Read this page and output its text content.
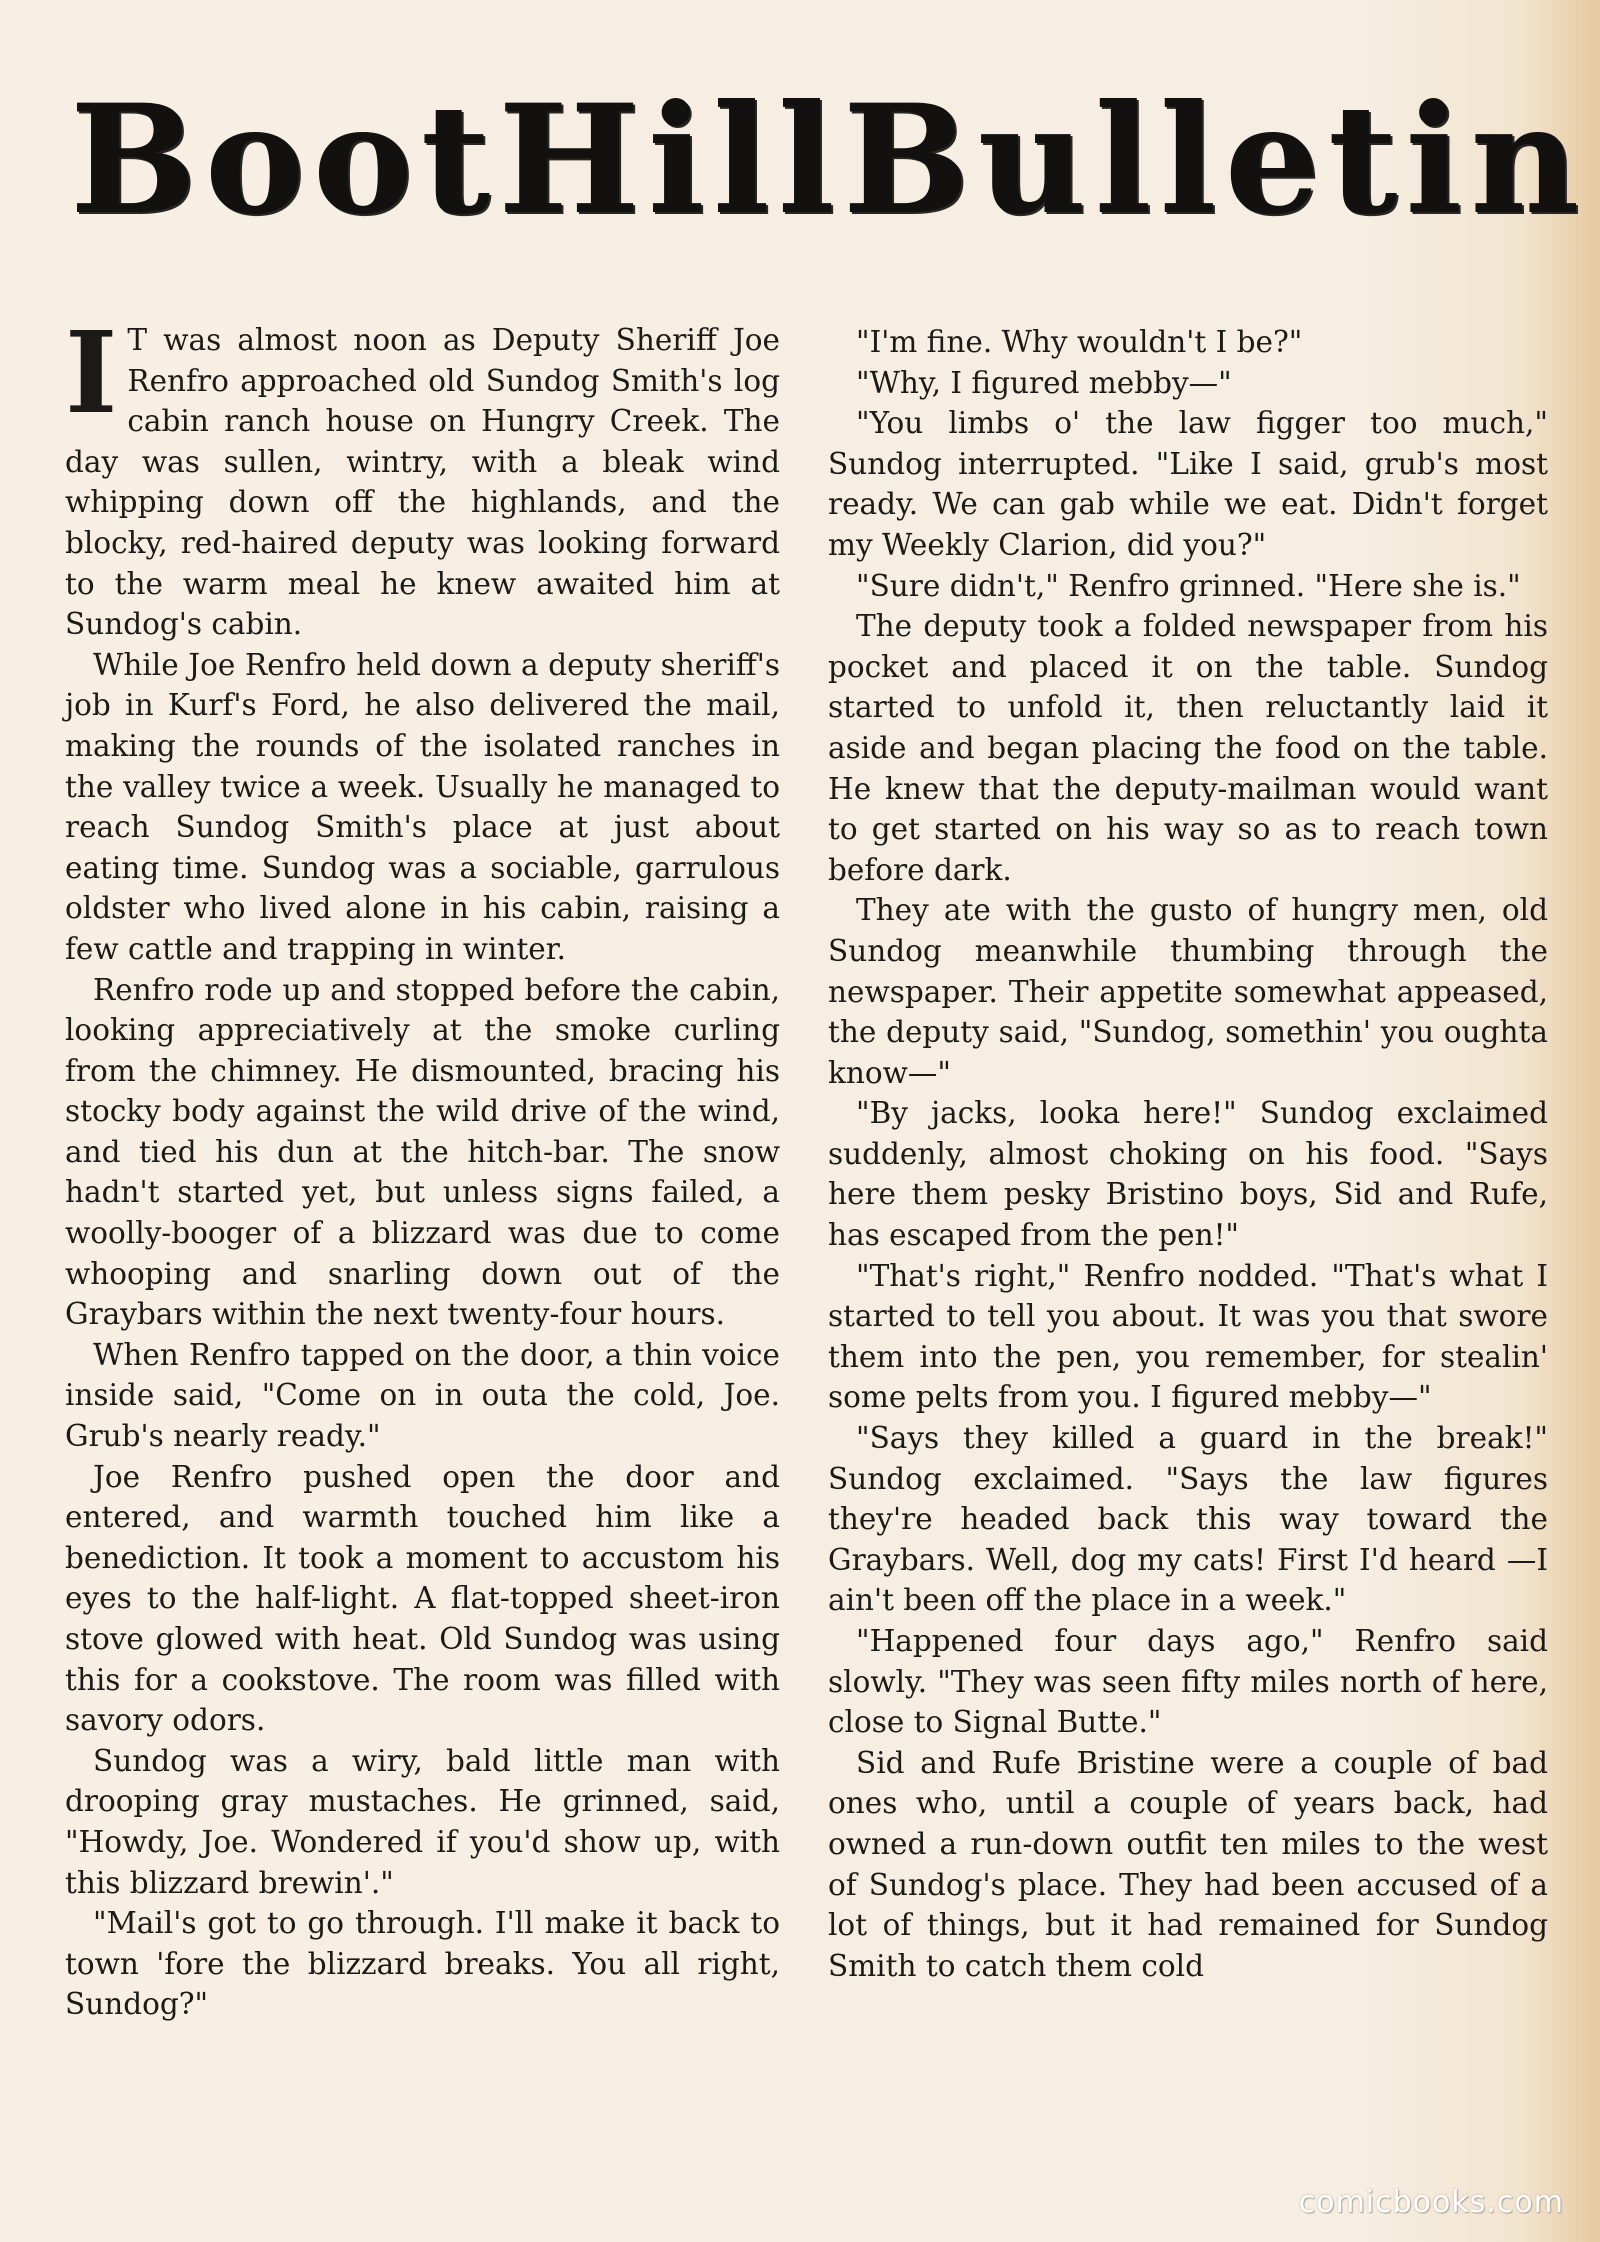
Boot Hill Bulletin

I T was almost noon as Deputy Sheriff Joe Renfro approached old Sundog Smith's log cabin ranch house on Hungry Creek. The day was sullen, wintry, with a bleak wind whipping down off the highlands, and the blocky, red-haired deputy was looking forward to the warm meal he knew awaited him at Sundog's cabin.

While Joe Renfro held down a deputy sheriff's job in Kurf's Ford, he also delivered the mail, making the rounds of the isolated ranches in the valley twice a week. Usually he managed to reach Sundog Smith's place at just about eating time. Sundog was a sociable, garrulous oldster who lived alone in his cabin, raising a few cattle and trapping in winter.

Renfro rode up and stopped before the cabin, looking appreciatively at the smoke curling from the chimney. He dismounted, bracing his stocky body against the wild drive of the wind, and tied his dun at the hitch-bar. The snow hadn't started yet, but unless signs failed, a woolly-booger of a blizzard was due to come whooping and snarling down out of the Graybars within the next twenty-four hours.

When Renfro tapped on the door, a thin voice inside said, "Come on in outa the cold, Joe. Grub's nearly ready."

Joe Renfro pushed open the door and entered, and warmth touched him like a benediction. It took a moment to accustom his eyes to the half-light. A flat-topped sheet-iron stove glowed with heat. Old Sundog was using this for a cookstove. The room was filled with savory odors.

Sundog was a wiry, bald little man with drooping gray mustaches. He grinned, said, "Howdy, Joe. Wondered if you'd show up, with this blizzard brewin'."

"Mail's got to go through. I'll make it back to town 'fore the blizzard breaks. You all right, Sundog?"

"I'm fine. Why wouldn't I be?"

"Why, I figured mebby—"

"You limbs o' the law figger too much," Sundog interrupted. "Like I said, grub's most ready. We can gab while we eat. Didn't forget my Weekly Clarion, did you?"

"Sure didn't," Renfro grinned. "Here she is."

The deputy took a folded newspaper from his pocket and placed it on the table. Sundog started to unfold it, then reluctantly laid it aside and began placing the food on the table. He knew that the deputy-mailman would want to get started on his way so as to reach town before dark.

They ate with the gusto of hungry men, old Sundog meanwhile thumbing through the newspaper. Their appetite somewhat appeased, the deputy said, "Sundog, somethin' you oughta know—"

"By jacks, looka here!" Sundog exclaimed suddenly, almost choking on his food. "Says here them pesky Bristino boys, Sid and Rufe, has escaped from the pen!"

"That's right," Renfro nodded. "That's what I started to tell you about. It was you that swore them into the pen, you remember, for stealin' some pelts from you. I figured mebby—"

"Says they killed a guard in the break!" Sundog exclaimed. "Says the law figures they're headed back this way toward the Graybars. Well, dog my cats! First I'd heard —I ain't been off the place in a week."

"Happened four days ago," Renfro said slowly. "They was seen fifty miles north of here, close to Signal Butte."

Sid and Rufe Bristine were a couple of bad ones who, until a couple of years back, had owned a run-down outfit ten miles to the west of Sundog's place. They had been accused of a lot of things, but it had remained for Sundog Smith to catch them cold

comicbooks.com
